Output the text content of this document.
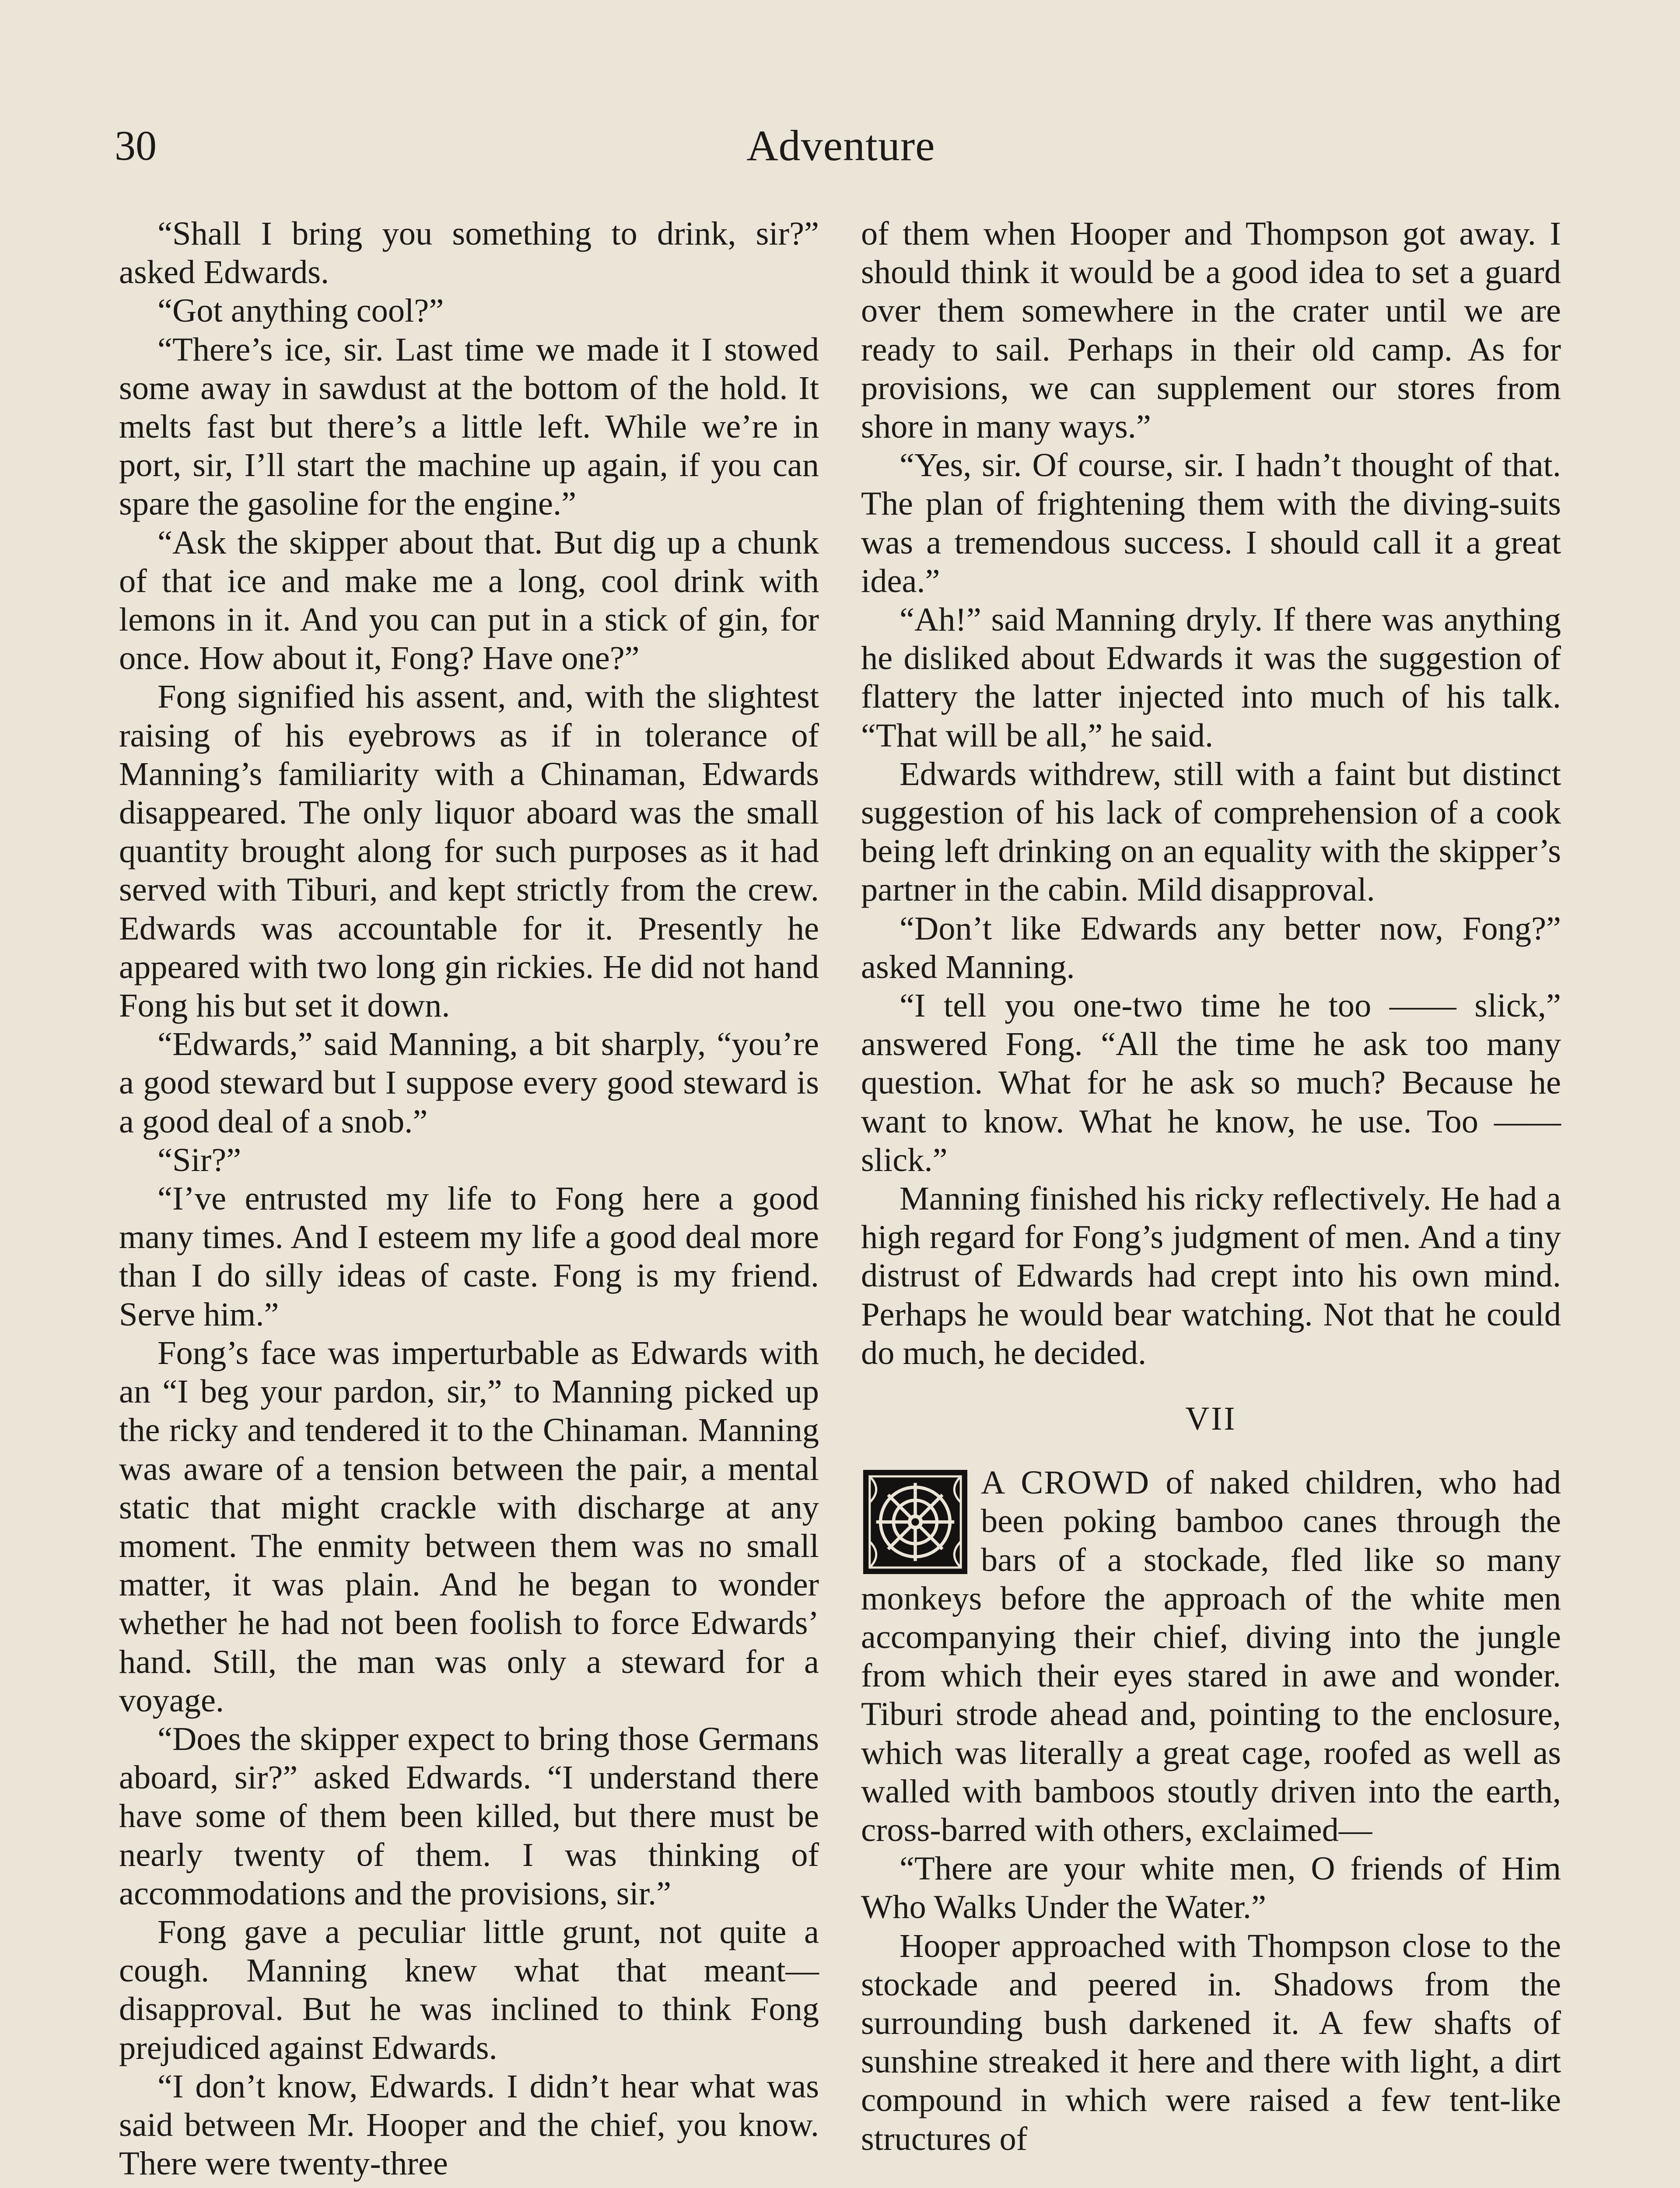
30	Adventure

“Shall I bring you something to drink, sir?” asked Edwards.

“Got anything cool?”

“There’s ice, sir. Last time we made it I stowed some away in sawdust at the bottom of the hold. It melts fast but there’s a little left. While we’re in port, sir, I’ll start the machine up again, if you can spare the gasoline for the engine.”

“Ask the skipper about that. But dig up a chunk of that ice and make me a long, cool drink with lemons in it. And you can put in a stick of gin, for once. How about it, Fong? Have one?”

Fong signified his assent, and, with the slightest raising of his eyebrows as if in tolerance of Manning’s familiarity with a Chinaman, Edwards disappeared. The only liquor aboard was the small quantity brought along for such purposes as it had served with Tiburi, and kept strictly from the crew. Edwards was accountable for it. Presently he appeared with two long gin rickies. He did not hand Fong his but set it down.

“Edwards,” said Manning, a bit sharply, “you’re a good steward but I suppose every good steward is a good deal of a snob.”

“Sir?”

“I’ve entrusted my life to Fong here a good many times. And I esteem my life a good deal more than I do silly ideas of caste. Fong is my friend. Serve him.”

Fong’s face was imperturbable as Edwards with an “I beg your pardon, sir,” to Manning picked up the ricky and tendered it to the Chinaman. Manning was aware of a tension between the pair, a mental static that might crackle with discharge at any moment. The enmity between them was no small matter, it was plain. And he began to wonder whether he had not been foolish to force Edwards’ hand. Still, the man was only a steward for a voyage.

“Does the skipper expect to bring those Germans aboard, sir?” asked Edwards. “I understand there have some of them been killed, but there must be nearly twenty of them. I was thinking of accommodations and the provisions, sir.”

Fong gave a peculiar little grunt, not quite a cough. Manning knew what that meant—disapproval. But he was inclined to think Fong prejudiced against Edwards.

“I don’t know, Edwards. I didn’t hear what was said between Mr. Hooper and the chief, you know. There were twenty-three

of them when Hooper and Thompson got away. I should think it would be a good idea to set a guard over them somewhere in the crater until we are ready to sail. Perhaps in their old camp. As for provisions, we can supplement our stores from shore in many ways.”

“Yes, sir. Of course, sir. I hadn’t thought of that. The plan of frightening them with the diving-suits was a tremendous success. I should call it a great idea.”

“Ah!” said Manning dryly. If there was anything he disliked about Edwards it was the suggestion of flattery the latter injected into much of his talk. “That will be all,” he said.

Edwards withdrew, still with a faint but distinct suggestion of his lack of comprehension of a cook being left drinking on an equality with the skipper’s partner in the cabin. Mild disapproval.

“Don’t like Edwards any better now, Fong?” asked Manning.

“I tell you one-two time he too —— slick,” answered Fong. “All the time he ask too many question. What for he ask so much? Because he want to know. What he know, he use. Too —— slick.”

Manning finished his ricky reflectively. He had a high regard for Fong’s judgment of men. And a tiny distrust of Edwards had crept into his own mind. Perhaps he would bear watching. Not that he could do much, he decided.

VII

A CROWD of naked children, who had been poking bamboo canes through the bars of a stockade, fled like so many monkeys before the approach of the white men accompanying their chief, diving into the jungle from which their eyes stared in awe and wonder. Tiburi strode ahead and, pointing to the enclosure, which was literally a great cage, roofed as well as walled with bamboos stoutly driven into the earth, cross-barred with others, exclaimed—

“There are your white men, O friends of Him Who Walks Under the Water.”

Hooper approached with Thompson close to the stockade and peered in. Shadows from the surrounding bush darkened it. A few shafts of sunshine streaked it here and there with light, a dirt compound in which were raised a few tent-like structures of
